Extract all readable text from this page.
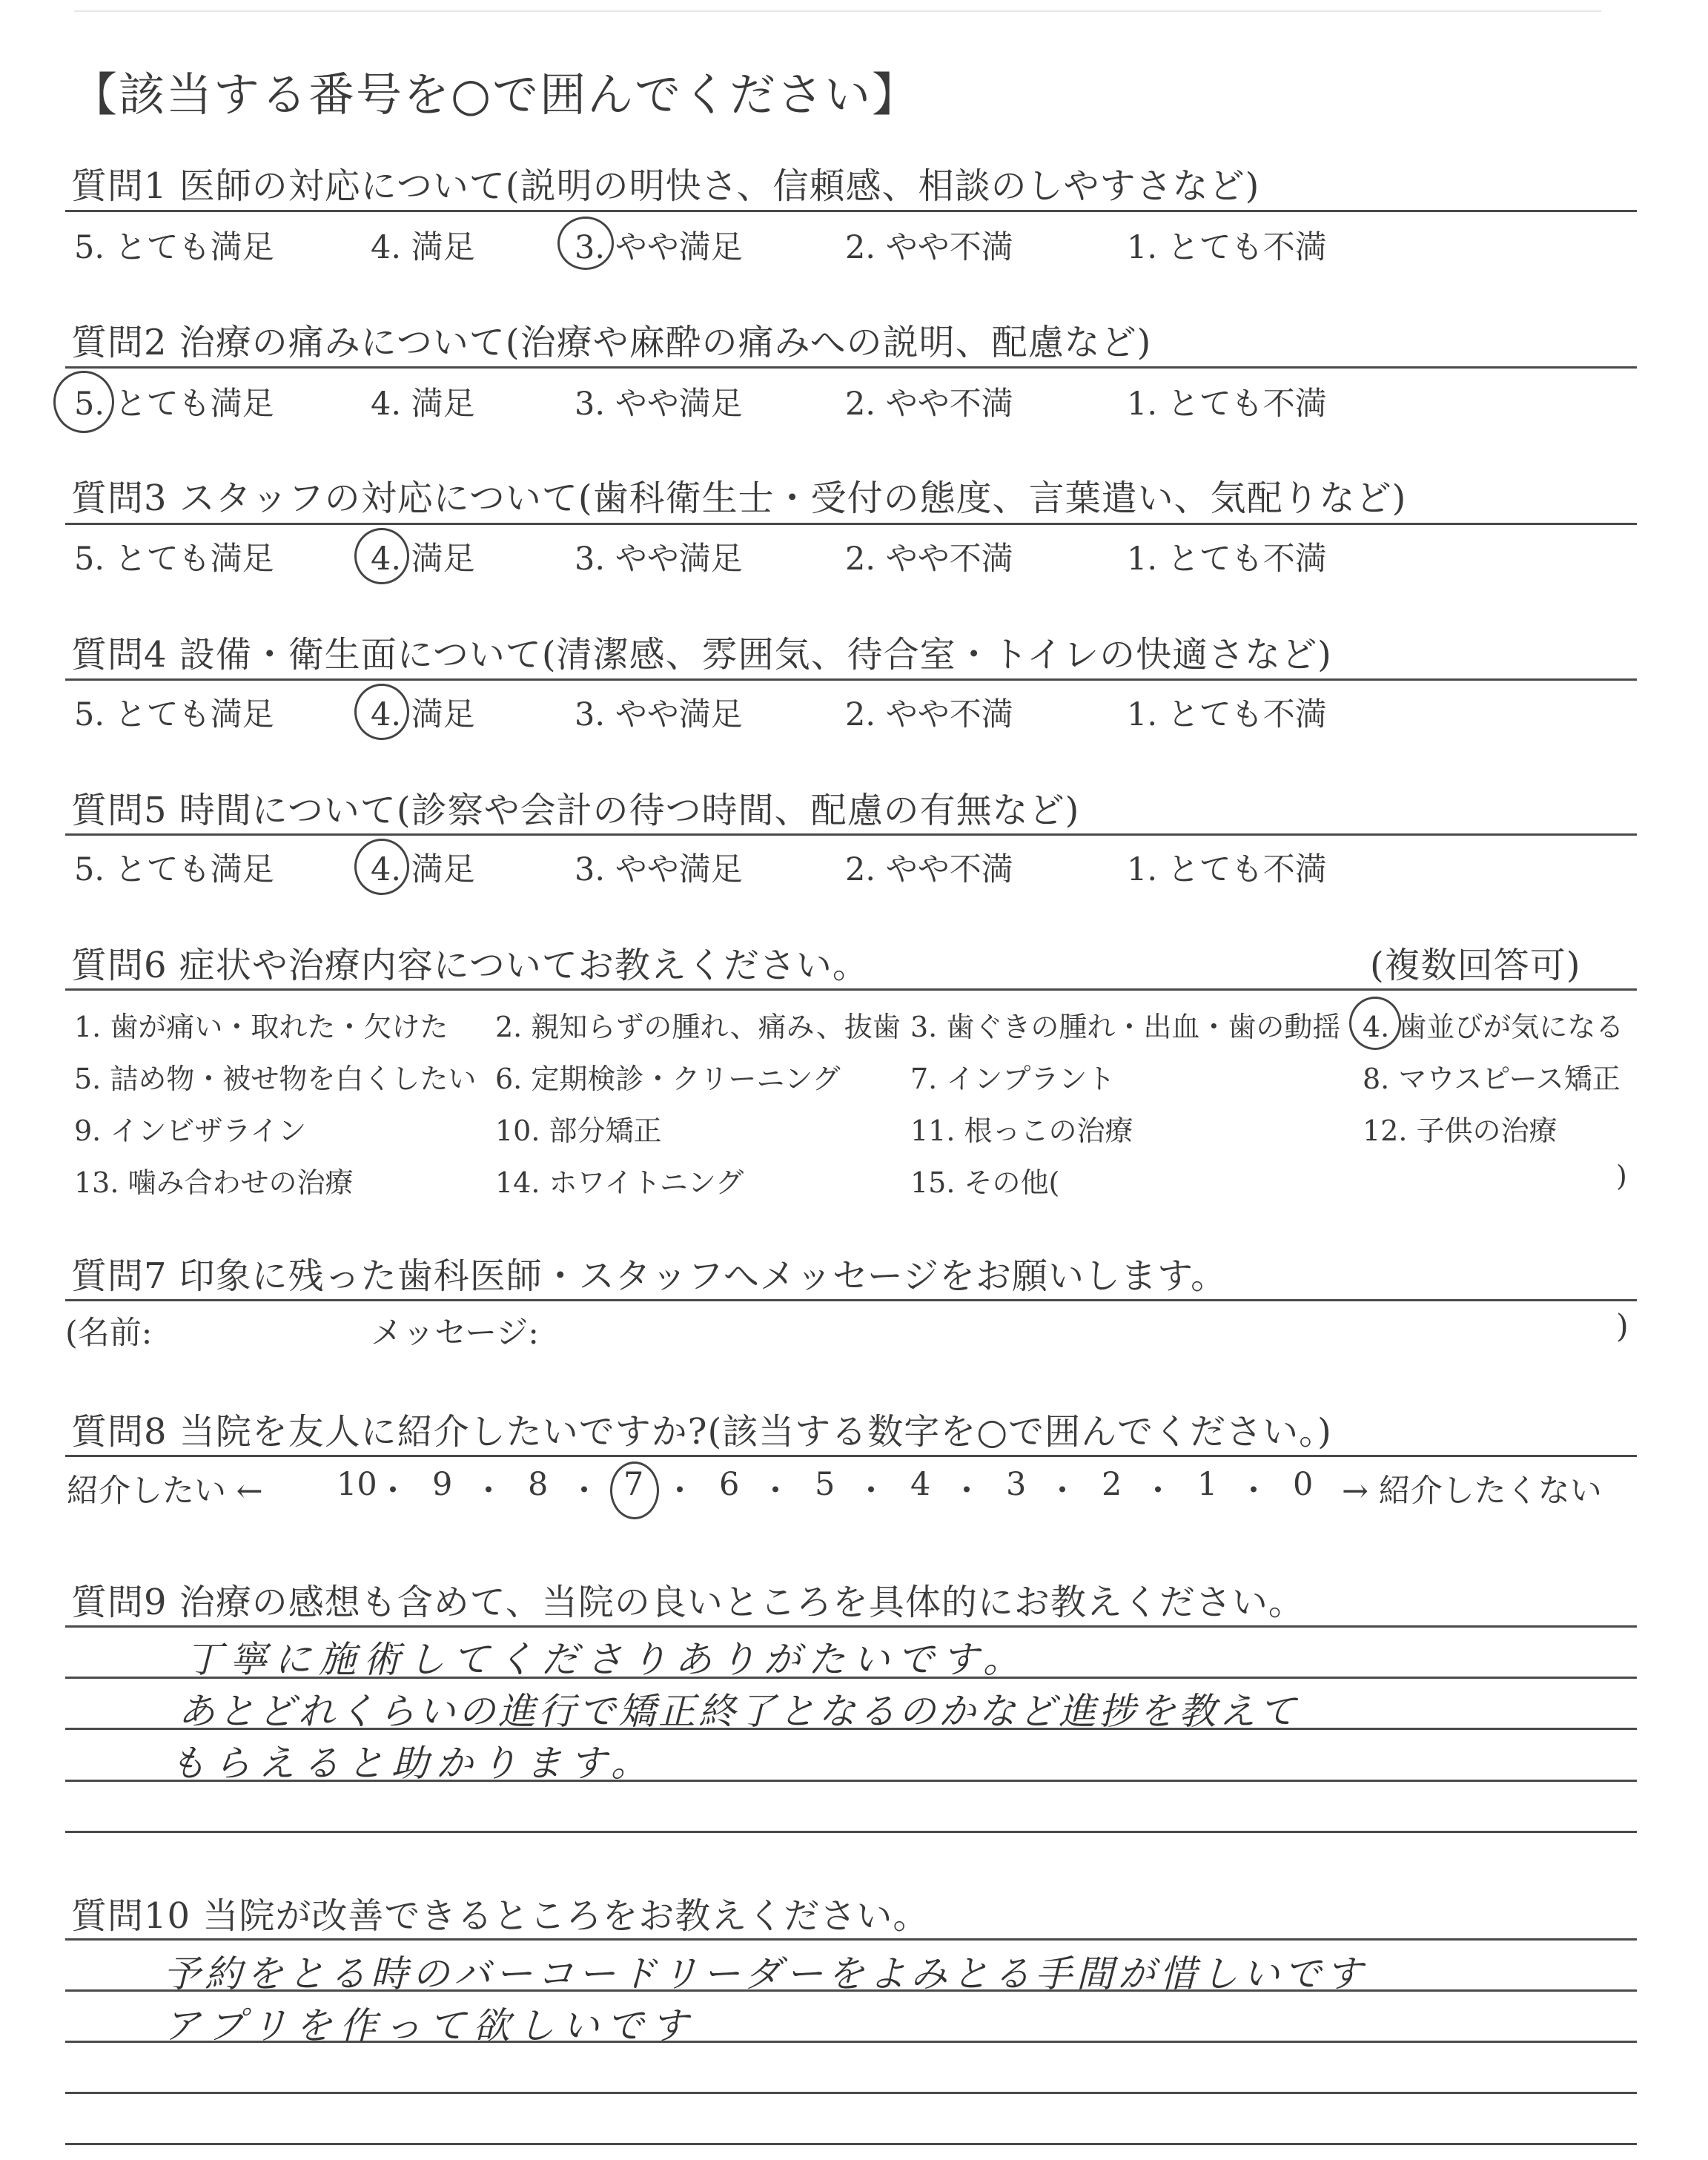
【該当する番号を○で囲んでください】
質問1 医師の対応について(説明の明快さ、信頼感、相談のしやすさなど)
5. とても満足	4. 満足	3. やや満足	2. やや不満	1. とても不満
質問2 治療の痛みについて(治療や麻酔の痛みへの説明、配慮など)
5. とても満足	4. 満足	3. やや満足	2. やや不満	1. とても不満
質問3 スタッフの対応について(歯科衛生士・受付の態度、言葉遣い、気配りなど)
5. とても満足	4. 満足	3. やや満足	2. やや不満	1. とても不満
質問4 設備・衛生面について(清潔感、雰囲気、待合室・トイレの快適さなど)
5. とても満足	4. 満足	3. やや満足	2. やや不満	1. とても不満
質問5 時間について(診察や会計の待つ時間、配慮の有無など)
5. とても満足	4. 満足	3. やや満足	2. やや不満	1. とても不満
質問6 症状や治療内容についてお教えください。	(複数回答可)
1. 歯が痛い・取れた・欠けた 2. 親知らずの腫れ、痛み、抜歯 3. 歯ぐきの腫れ・出血・歯の動揺 4. 歯並びが気になる
5. 詰め物・被せ物を白くしたい 6. 定期検診・クリーニング 7. インプラント	8. マウスピース矯正
9. インビザライン	10. 部分矯正	11. 根っこの治療	12. 子供の治療
13. 噛み合わせの治療	14. ホワイトニング	15. その他(	)
質問7 印象に残った歯科医師・スタッフへメッセージをお願いします。
(名前:	メッセージ:	)
質問8 当院を友人に紹介したいですか?(該当する数字を○で囲んでください。)
紹介したい ←	→ 紹介したくない
10 ・ 9 ・ 8 ・ 7 ・ 6 ・ 5 ・ 4 ・ 3 ・ 2 ・ 1 ・ 0
質問9 治療の感想も含めて、当院の良いところを具体的にお教えください。
丁寧に施術してくださりありがたいです。
あとどれくらいの進行で矯正終了となるのかなど進捗を教えて
もらえると助かります。
質問10 当院が改善できるところをお教えください。
予約をとる時のバーコードリーダーをよみとる手間が惜しいです
アプリを作って欲しいです
